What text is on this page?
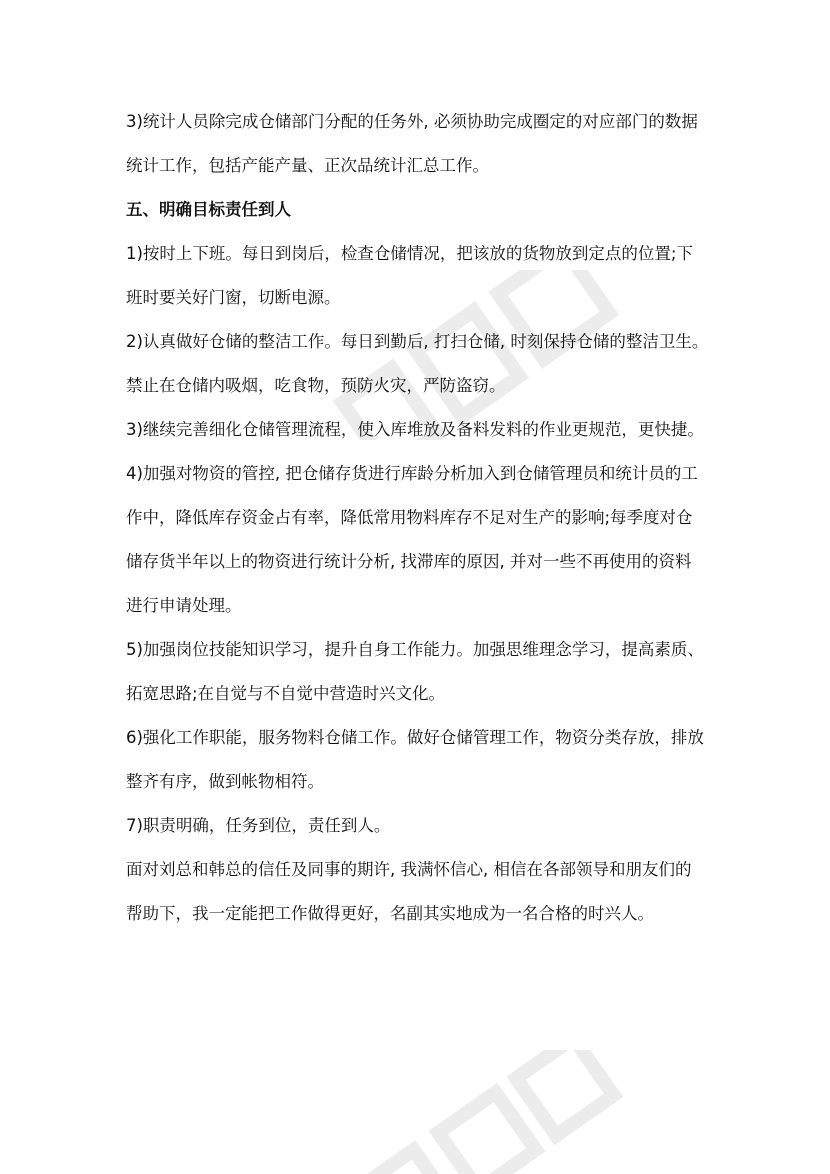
3)统计人员除完成仓储部门分配的任务外, 必须协助完成圈定的对应部门的数据
统计工作，包括产能产量、正次品统计汇总工作。
五、明确目标责任到人
1)按时上下班。每日到岗后，检查仓储情况，把该放的货物放到定点的位置;下
班时要关好门窗，切断电源。
2)认真做好仓储的整洁工作。每日到勤后, 打扫仓储, 时刻保持仓储的整洁卫生。
禁止在仓储内吸烟，吃食物，预防火灾，严防盗窃。
3)继续完善细化仓储管理流程，使入库堆放及备料发料的作业更规范，更快捷。
4)加强对物资的管控, 把仓储存货进行库龄分析加入到仓储管理员和统计员的工
作中，降低库存资金占有率，降低常用物料库存不足对生产的影响;每季度对仓
储存货半年以上的物资进行统计分析, 找滞库的原因, 并对一些不再使用的资料
进行申请处理。
5)加强岗位技能知识学习，提升自身工作能力。加强思维理念学习，提高素质、
拓宽思路;在自觉与不自觉中营造时兴文化。
6)强化工作职能，服务物料仓储工作。做好仓储管理工作，物资分类存放，排放
整齐有序，做到帐物相符。
7)职责明确，任务到位，责任到人。
面对刘总和韩总的信任及同事的期许, 我满怀信心, 相信在各部领导和朋友们的
帮助下，我一定能把工作做得更好，名副其实地成为一名合格的时兴人。
